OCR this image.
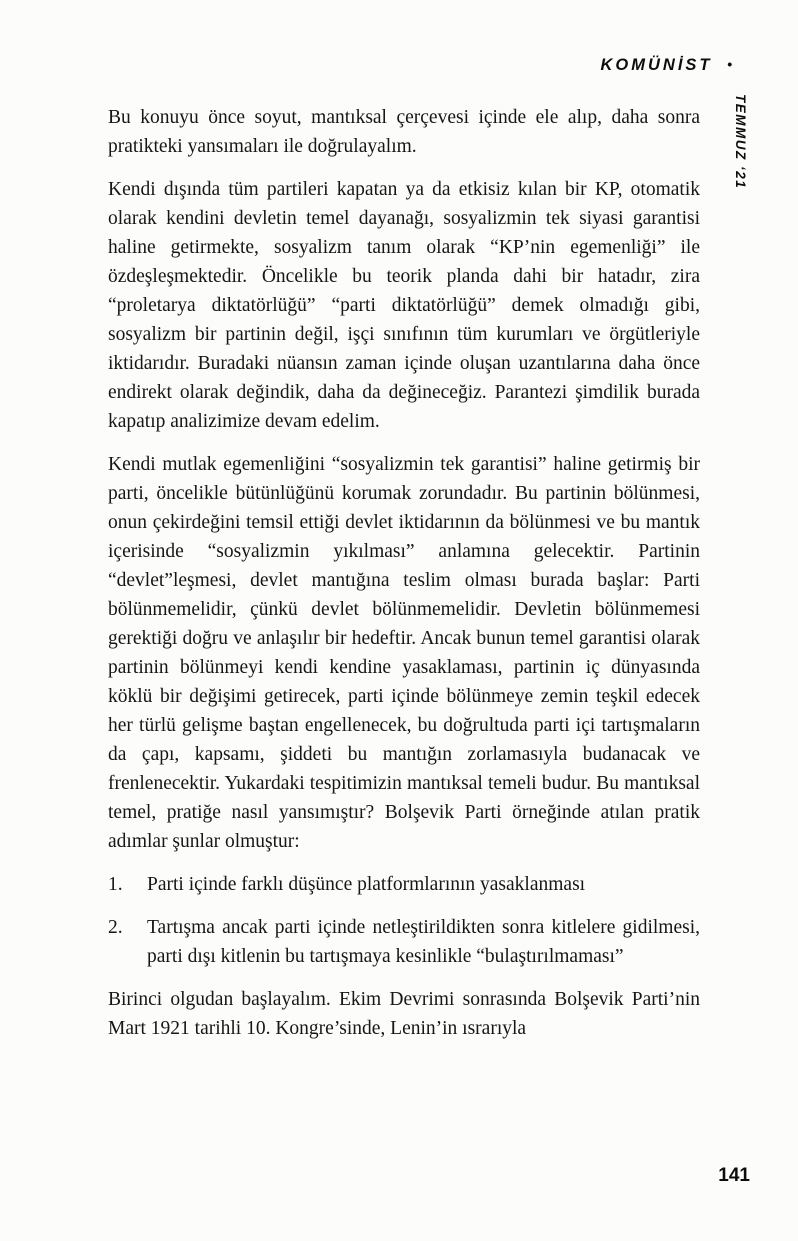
KOMÜNİST •
TEMMUZ ‘21

Bu konuyu önce soyut, mantıksal çerçevesi içinde ele alıp, daha sonra pratikteki yansımaları ile doğrulayalım.

Kendi dışında tüm partileri kapatan ya da etkisiz kılan bir KP, otomatik olarak kendini devletin temel dayanağı, sosyalizmin tek siyasi garantisi haline getirmekte, sosyalizm tanım olarak “KP’nin egemenliği” ile özdeşleşmektedir. Öncelikle bu teorik planda dahi bir hatadır, zira “proletarya diktatörlüğü” “parti diktatörlüğü” demek olmadığı gibi, sosyalizm bir partinin değil, işçi sınıfının tüm kurumları ve örgütleriyle iktidarıdır. Buradaki nüansın zaman içinde oluşan uzantılarına daha önce endirekt olarak değindik, daha da değineceğiz. Parantezi şimdilik burada kapatıp analizimize devam edelim.

Kendi mutlak egemenliğini “sosyalizmin tek garantisi” haline getirmiş bir parti, öncelikle bütünlüğünü korumak zorundadır. Bu partinin bölünmesi, onun çekirdeğini temsil ettiği devlet iktidarının da bölünmesi ve bu mantık içerisinde “sosyalizmin yıkılması” anlamına gelecektir. Partinin “devlet”leşmesi, devlet mantığına teslim olması burada başlar: Parti bölünmemelidir, çünkü devlet bölünmemelidir. Devletin bölünmemesi gerektiği doğru ve anlaşılır bir hedeftir. Ancak bunun temel garantisi olarak partinin bölünmeyi kendi kendine yasaklaması, partinin iç dünyasında köklü bir değişimi getirecek, parti içinde bölünmeye zemin teşkil edecek her türlü gelişme baştan engellenecek, bu doğrultuda parti içi tartışmaların da çapı, kapsamı, şiddeti bu mantığın zorlamasıyla budanacak ve frenlenecektir. Yukardaki tespitimizin mantıksal temeli budur. Bu mantıksal temel, pratiğe nasıl yansımıştır? Bolşevik Parti örneğinde atılan pratik adımlar şunlar olmuştur:

1.	Parti içinde farklı düşünce platformlarının yasaklanması
2.	Tartışma ancak parti içinde netleştirildikten sonra kitlelere gidilmesi, parti dışı kitlenin bu tartışmaya kesinlikle “bulaştırılmaması”

Birinci olgudan başlayalım. Ekim Devrimi sonrasında Bolşevik Parti’nin Mart 1921 tarihli 10. Kongre’sinde, Lenin’in ısrarıyla

141
